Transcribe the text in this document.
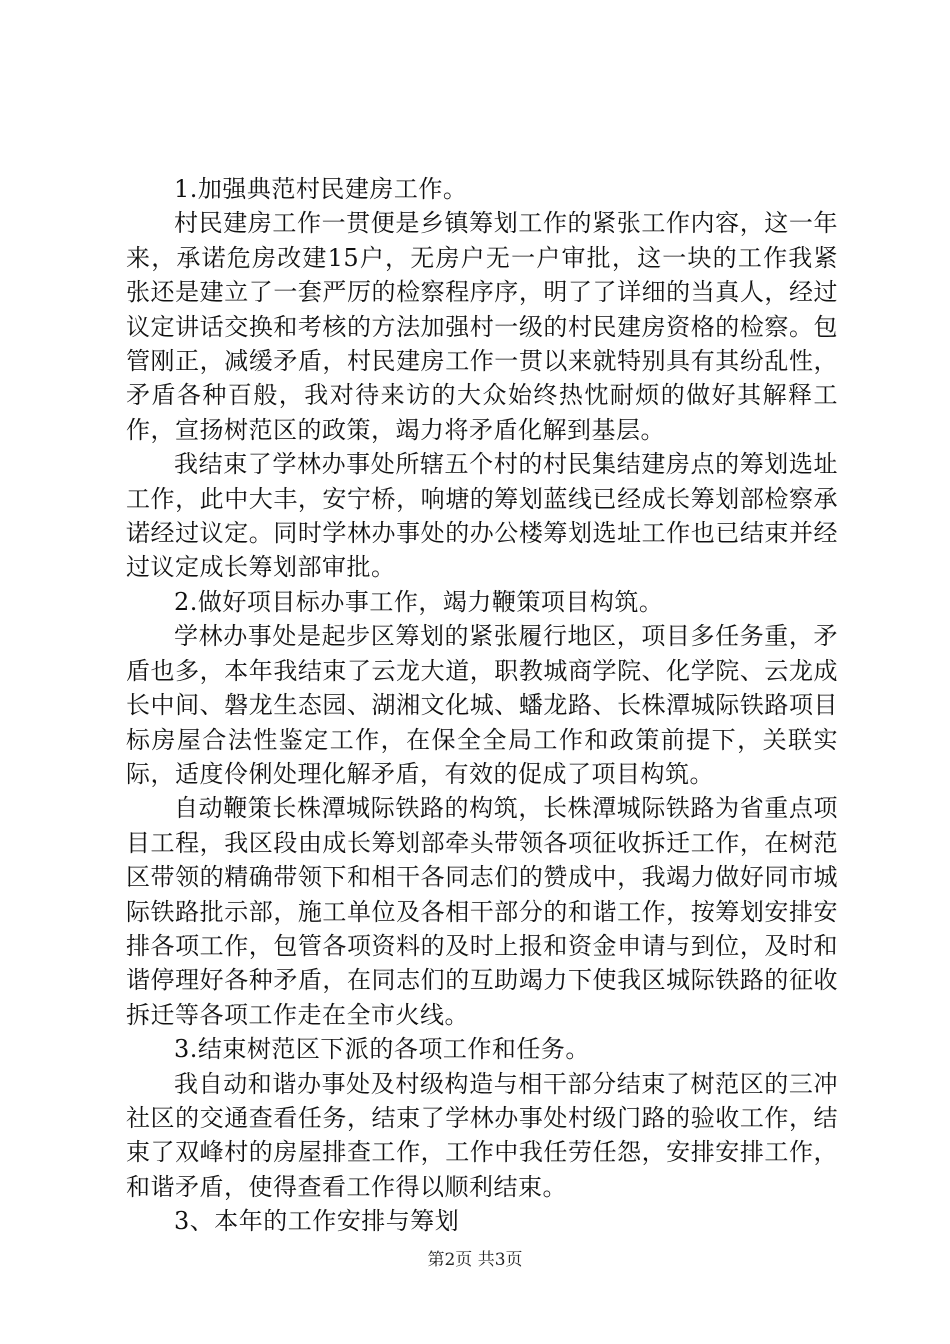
1.加强典范村民建房工作。

村民建房工作一贯便是乡镇筹划工作的紧张工作内容，这一年来，承诺危房改建15户，无房户无一户审批，这一块的工作我紧张还是建立了一套严厉的检察程序序，明了了详细的当真人，经过议定讲话交换和考核的方法加强村一级的村民建房资格的检察。包管刚正，减缓矛盾，村民建房工作一贯以来就特别具有其纷乱性，矛盾各种百般，我对待来访的大众始终热忱耐烦的做好其解释工作，宣扬树范区的政策，竭力将矛盾化解到基层。

我结束了学林办事处所辖五个村的村民集结建房点的筹划选址工作，此中大丰，安宁桥，响塘的筹划蓝线已经成长筹划部检察承诺经过议定。同时学林办事处的办公楼筹划选址工作也已结束并经过议定成长筹划部审批。

2.做好项目标办事工作，竭力鞭策项目构筑。

学林办事处是起步区筹划的紧张履行地区，项目多任务重，矛盾也多，本年我结束了云龙大道，职教城商学院、化学院、云龙成长中间、磐龙生态园、湖湘文化城、蟠龙路、长株潭城际铁路项目标房屋合法性鉴定工作，在保全全局工作和政策前提下，关联实际，适度伶俐处理化解矛盾，有效的促成了项目构筑。

自动鞭策长株潭城际铁路的构筑，长株潭城际铁路为省重点项目工程，我区段由成长筹划部牵头带领各项征收拆迁工作，在树范区带领的精确带领下和相干各同志们的赞成中，我竭力做好同市城际铁路批示部，施工单位及各相干部分的和谐工作，按筹划安排安排各项工作，包管各项资料的及时上报和资金申请与到位，及时和谐停理好各种矛盾，在同志们的互助竭力下使我区城际铁路的征收拆迁等各项工作走在全市火线。

3.结束树范区下派的各项工作和任务。

我自动和谐办事处及村级构造与相干部分结束了树范区的三冲社区的交通查看任务，结束了学林办事处村级门路的验收工作，结束了双峰村的房屋排查工作，工作中我任劳任怨，安排安排工作，和谐矛盾，使得查看工作得以顺利结束。

3、本年的工作安排与筹划

第2页 共3页
